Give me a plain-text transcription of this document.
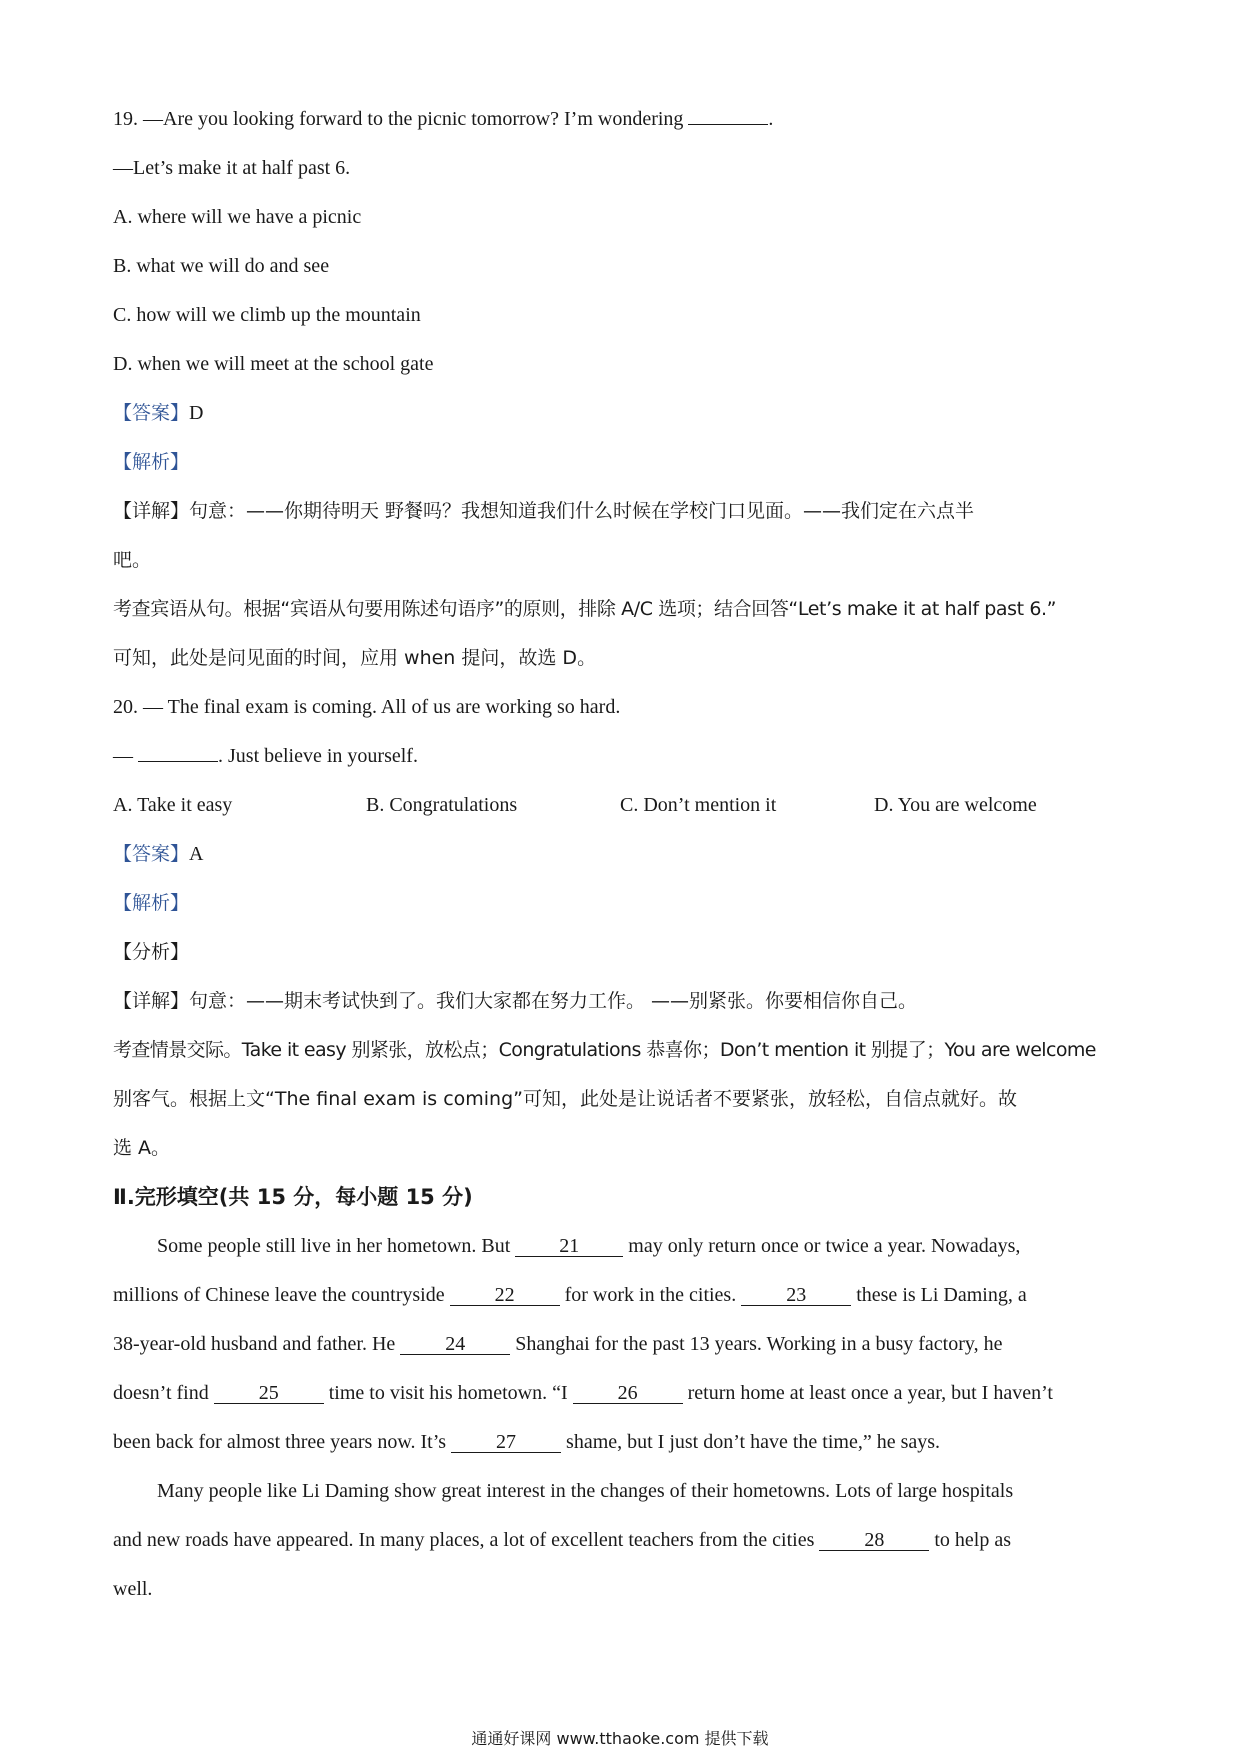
19. —Are you looking forward to the picnic tomorrow? I’m wondering	.
—Let’s make it at half past 6.
A. where will we have a picnic
B. what we will do and see
C. how will we climb up the mountain
D. when we will meet at the school gate
【答案】D
【解析】
【详解】句意：——你期待明天 野餐吗？我想知道我们什么时候在学校门口见面。——我们定在六点半
吧。
考查宾语从句。根据“宾语从句要用陈述句语序”的原则，排除 A/C 选项；结合回答“Let’s make it at half past 6.”
可知，此处是问见面的时间，应用 when 提问，故选 D。
20. — The final exam is coming. All of us are working so hard.
—	. Just believe in yourself.
A. Take it easy	B. Congratulations	C. Don’t mention it	D. You are welcome
【答案】A
【解析】
【分析】
【详解】句意：——期末考试快到了。我们大家都在努力工作。 ——别紧张。你要相信你自己。
考查情景交际。Take it easy 别紧张，放松点；Congratulations 恭喜你；Don’t mention it 别提了；You are welcome
别客气。根据上文“The final exam is coming”可知，此处是让说话者不要紧张，放轻松，自信点就好。故
选 A。
Ⅱ.完形填空(共 15 分，每小题 15 分)
Some people still live in her hometown. But 21 may only return once or twice a year. Nowadays,
millions of Chinese leave the countryside 22 for work in the cities. 23 these is Li Daming, a
38-year-old husband and father. He 24 Shanghai for the past 13 years. Working in a busy factory, he
doesn’t find 25 time to visit his hometown. “I 26 return home at least once a year, but I haven’t
been back for almost three years now. It’s 27 shame, but I just don’t have the time,” he says.
Many people like Li Daming show great interest in the changes of their hometowns. Lots of large hospitals
and new roads have appeared. In many places, a lot of excellent teachers from the cities 28 to help as
well.
通通好课网 www.tthaoke.com 提供下载
